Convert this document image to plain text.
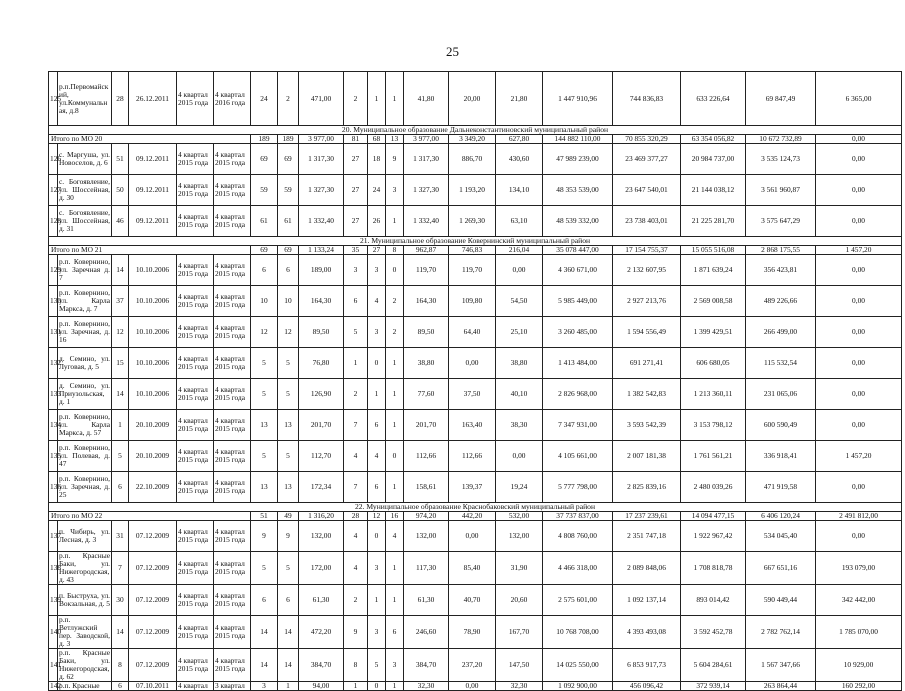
25
125	р.п.Первомайск ий, ул.Коммунальн ая, д.8	28	26.12.2011	4 квартал 2015 года	4 квартал 2016 года	24	2	471,00	2	1	1	41,80	20,00	21,80	1 447 910,96	744 836,83	633 226,64	69 847,49	6 365,00
20. Муниципальное образование Дальнеконстантиновский муниципальный район																			
Итого по МО 20						189	189	3 977,00	81	68	13	3 977,00	3 349,20	627,80	144 882 110,00	70 855 320,29	63 354 056,82	10 672 732,89	0,00
126	с. Маргуша, ул. Новоселов, д. 6	51	09.12.2011	4 квартал 2015 года	4 квартал 2015 года	69	69	1 317,30	27	18	9	1 317,30	886,70	430,60	47 989 239,00	23 469 377,27	20 984 737,00	3 535 124,73	0,00
127	с. Богоявление, ул. Шоссейная, д. 30	50	09.12.2011	4 квартал 2015 года	4 квартал 2015 года	59	59	1 327,30	27	24	3	1 327,30	1 193,20	134,10	48 353 539,00	23 647 540,01	21 144 038,12	3 561 960,87	0,00
128	с. Богоявление, ул. Шоссейная, д. 31	46	09.12.2011	4 квартал 2015 года	4 квартал 2015 года	61	61	1 332,40	27	26	1	1 332,40	1 269,30	63,10	48 539 332,00	23 738 403,01	21 225 281,70	3 575 647,29	0,00
21. Муниципальное образование Ковернинский муниципальный район																			
Итого по МО 21						69	69	1 133,24	35	27	8	962,87	746,83	216,04	35 078 447,00	17 154 755,37	15 055 516,08	2 868 175,55	1 457,20
129	р.п. Ковернино, ул. Заречная д. 7	14	10.10.2006	4 квартал 2015 года	4 квартал 2015 года	6	6	189,00	3	3	0	119,70	119,70	0,00	4 360 671,00	2 132 607,95	1 871 639,24	356 423,81	0,00
130	р.п. Ковернино, ул. Карла Маркса, д. 7	37	10.10.2006	4 квартал 2015 года	4 квартал 2015 года	10	10	164,30	6	4	2	164,30	109,80	54,50	5 985 449,00	2 927 213,76	2 569 008,58	489 226,66	0,00
131	р.п. Ковернино, ул. Заречная, д. 16	12	10.10.2006	4 квартал 2015 года	4 квартал 2015 года	12	12	89,50	5	3	2	89,50	64,40	25,10	3 260 485,00	1 594 556,49	1 399 429,51	266 499,00	0,00
132	д. Семино, ул. Луговая, д. 5	15	10.10.2006	4 квартал 2015 года	4 квартал 2015 года	5	5	76,80	1	0	1	38,80	0,00	38,80	1 413 484,00	691 271,41	606 680,05	115 532,54	0,00
133	д. Семино, ул. Приузольская, д. 1	14	10.10.2006	4 квартал 2015 года	4 квартал 2015 года	5	5	126,90	2	1	1	77,60	37,50	40,10	2 826 968,00	1 382 542,83	1 213 360,11	231 065,06	0,00
134	р.п. Ковернино, ул. Карла Маркса, д. 57	1	20.10.2009	4 квартал 2015 года	4 квартал 2015 года	13	13	201,70	7	6	1	201,70	163,40	38,30	7 347 931,00	3 593 542,39	3 153 798,12	600 590,49	0,00
135	р.п. Ковернино, ул. Полевая, д. 47	5	20.10.2009	4 квартал 2015 года	4 квартал 2015 года	5	5	112,70	4	4	0	112,66	112,66	0,00	4 105 661,00	2 007 181,38	1 761 561,21	336 918,41	1 457,20
136	р.п. Ковернино, ул. Заречная, д. 25	6	22.10.2009	4 квартал 2015 года	4 квартал 2015 года	13	13	172,34	7	6	1	158,61	139,37	19,24	5 777 798,00	2 825 839,16	2 480 039,26	471 919,58	0,00
22. Муниципальное образование Краснобаковский муниципальный район																			
Итого по МО 22						51	49	1 316,20	28	12	16	974,20	442,20	532,00	37 737 837,00	17 237 239,61	14 094 477,15	6 406 120,24	2 491 812,00
137	п. Чибирь, ул. Лесная, д. 3	31	07.12.2009	4 квартал 2015 года	4 квартал 2015 года	9	9	132,00	4	0	4	132,00	0,00	132,00	4 808 760,00	2 351 747,18	1 922 967,42	534 045,40	0,00
138	р.п. Красные Баки, ул. Нижегородская, д. 43	7	07.12.2009	4 квартал 2015 года	4 квартал 2015 года	5	5	172,00	4	3	1	117,30	85,40	31,90	4 466 318,00	2 089 848,06	1 708 818,78	667 651,16	193 079,00
139	п. Быструха, ул. Вокзальная, д. 5	30	07.12.2009	4 квартал 2015 года	4 квартал 2015 года	6	6	61,30	2	1	1	61,30	40,70	20,60	2 575 601,00	1 092 137,14	893 014,42	590 449,44	342 442,00
140	р.п. Ветлужский пер. Заводской, д. 3	14	07.12.2009	4 квартал 2015 года	4 квартал 2015 года	14	14	472,20	9	3	6	246,60	78,90	167,70	10 768 708,00	4 393 493,08	3 592 452,78	2 782 762,14	1 785 070,00
141	р.п. Красные Баки, ул. Нижегородская, д. 62	8	07.12.2009	4 квартал 2015 года	4 квартал 2015 года	14	14	384,70	8	5	3	384,70	237,20	147,50	14 025 550,00	6 853 917,73	5 604 284,61	1 567 347,66	10 929,00
142	р.п. Красные	6	07.10.2011	4 квартал	3 квартал	3	1	94,00	1	0	1	32,30	0,00	32,30	1 092 900,00	456 096,42	372 939,14	263 864,44	160 292,00
